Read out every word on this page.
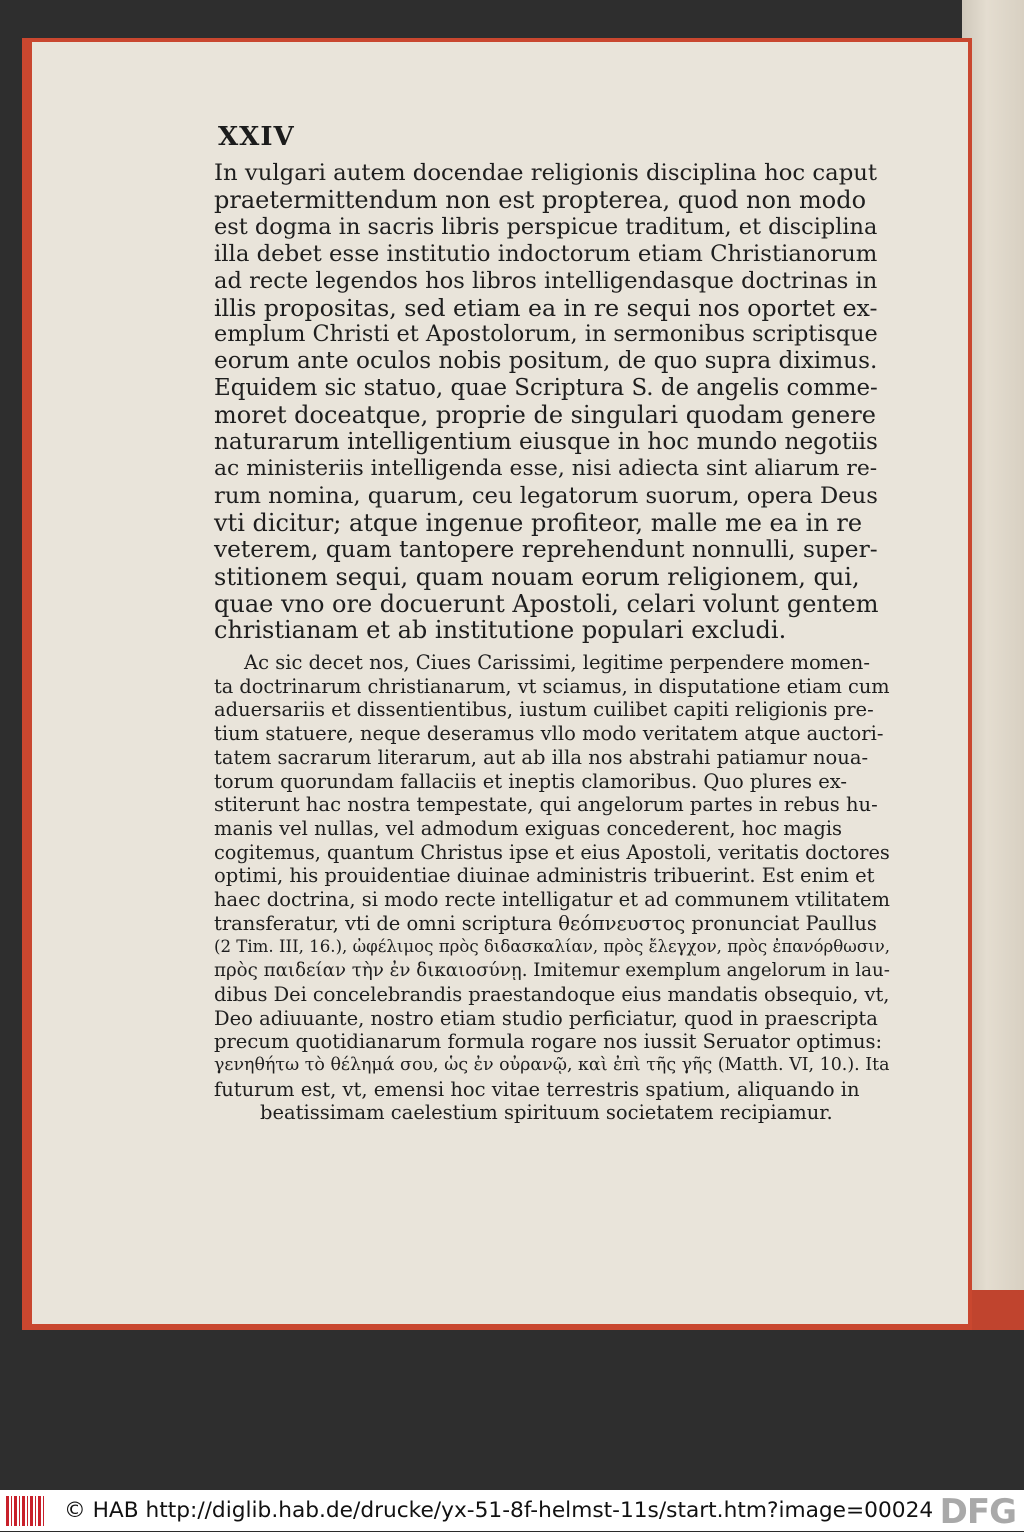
XXIV
In vulgari autem docendae religionis disciplina hoc caput
praetermittendum non est propterea, quod non modo
est dogma in sacris libris perspicue traditum, et disciplina
illa debet esse institutio indoctorum etiam Christianorum
ad recte legendos hos libros intelligendasque doctrinas in
illis propositas, sed etiam ea in re sequi nos oportet ex-
emplum Christi et Apostolorum, in sermonibus scriptisque
eorum ante oculos nobis positum, de quo supra diximus.
Equidem sic statuo, quae Scriptura S. de angelis comme-
moret doceatque, proprie de singulari quodam genere
naturarum intelligentium eiusque in hoc mundo negotiis
ac ministeriis intelligenda esse, nisi adiecta sint aliarum re-
rum nomina, quarum, ceu legatorum suorum, opera Deus
vti dicitur; atque ingenue profiteor, malle me ea in re
veterem, quam tantopere reprehendunt nonnulli, super-
stitionem sequi, quam nouam eorum religionem, qui,
quae vno ore docuerunt Apostoli, celari volunt gentem
christianam et ab institutione populari excludi.
Ac sic decet nos, Ciues Carissimi, legitime perpendere momen-
ta doctrinarum christianarum, vt sciamus, in disputatione etiam cum
aduersariis et dissentientibus, iustum cuilibet capiti religionis pre-
tium statuere, neque deseramus vllo modo veritatem atque auctori-
tatem sacrarum literarum, aut ab illa nos abstrahi patiamur noua-
torum quorundam fallaciis et ineptis clamoribus. Quo plures ex-
stiterunt hac nostra tempestate, qui angelorum partes in rebus hu-
manis vel nullas, vel admodum exiguas concederent, hoc magis
cogitemus, quantum Christus ipse et eius Apostoli, veritatis doctores
optimi, his prouidentiae diuinae administris tribuerint. Est enim et
haec doctrina, si modo recte intelligatur et ad communem vtilitatem
transferatur, vti de omni scriptura θεόπνευστος pronunciat Paullus
(2 Tim. III, 16.), ὠφέλιμος πρὸς διδασκαλίαν, πρὸς ἔλεγχον, πρὸς ἐπανόρθωσιν,
πρὸς παιδείαν τὴν ἐν δικαιοσύνῃ. Imitemur exemplum angelorum in lau-
dibus Dei concelebrandis praestandoque eius mandatis obsequio, vt,
Deo adiuuante, nostro etiam studio perficiatur, quod in praescripta
precum quotidianarum formula rogare nos iussit Seruator optimus:
γενηθήτω τὸ θέλημά σου, ὡς ἐν οὐρανῷ, καὶ ἐπὶ τῆς γῆς (Matth. VI, 10.). Ita
futurum est, vt, emensi hoc vitae terrestris spatium, aliquando in
beatissimam caelestium spirituum societatem recipiamur.
© HAB http://diglib.hab.de/drucke/yx-51-8f-helmst-11s/start.htm?image=00024 DFG
